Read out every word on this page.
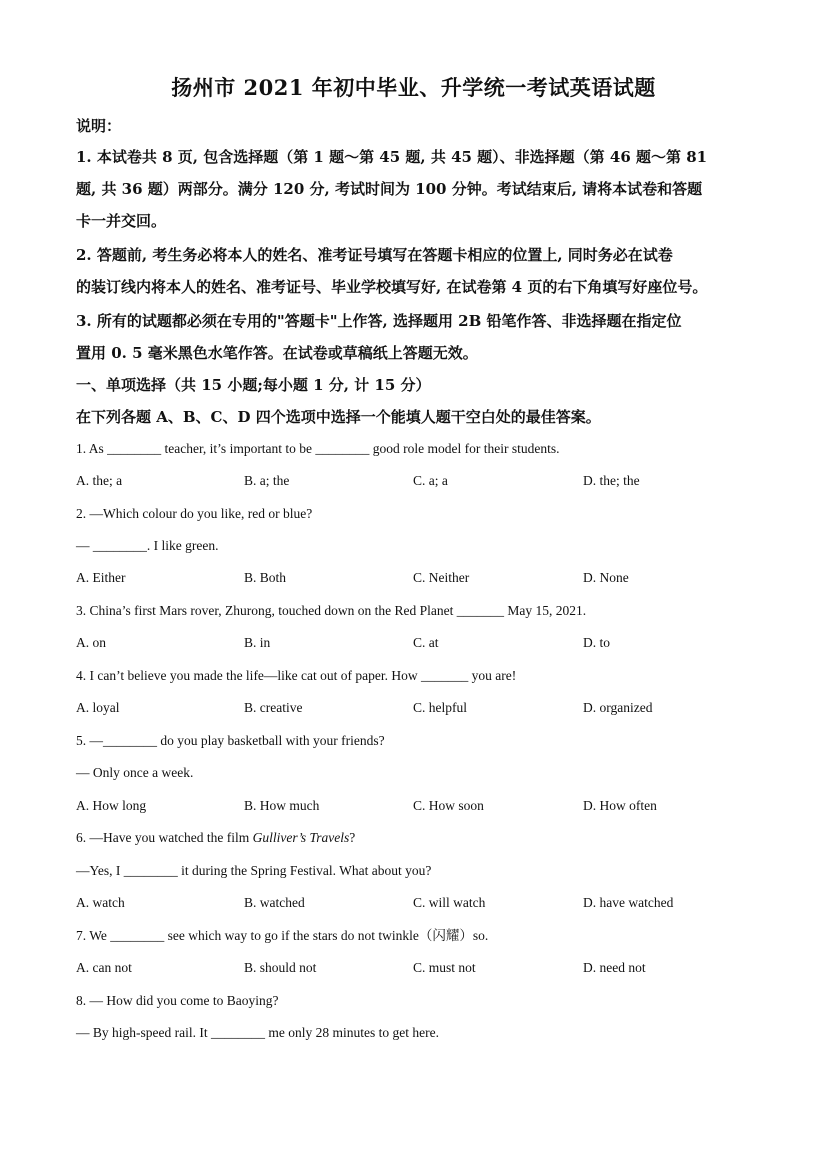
扬州市 2021 年初中毕业、升学统一考试英语试题
说明：
1. 本试卷共 8 页, 包含选择题（第 1 题～第 45 题, 共 45 题）、非选择题（第 46 题～第 81
题, 共 36 题）两部分。满分 120 分, 考试时间为 100 分钟。考试结束后, 请将本试卷和答题
卡一并交回。
2. 答题前, 考生务必将本人的姓名、准考证号填写在答题卡相应的位置上, 同时务必在试卷
的装订线内将本人的姓名、准考证号、毕业学校填写好, 在试卷第 4 页的右下角填写好座位号。
3. 所有的试题都必须在专用的"答题卡"上作答, 选择题用 2B 铅笔作答、非选择题在指定位
置用 0. 5 毫米黑色水笔作答。在试卷或草稿纸上答题无效。
一、单项选择（共 15 小题;每小题 1 分, 计 15 分）
在下列各题 A、B、C、D 四个选项中选择一个能填人题干空白处的最佳答案。
1. As ________ teacher, it’s important to be ________ good role model for their students.
A. the; a	B. a; the	C. a; a	D. the; the
2. —Which colour do you like, red or blue?
— ________. I like green.
A. Either	B. Both	C. Neither	D. None
3. China’s first Mars rover, Zhurong, touched down on the Red Planet _______ May 15, 2021.
A. on	B. in	C. at	D. to
4. I can’t believe you made the life—like cat out of paper. How _______ you are!
A. loyal	B. creative	C. helpful	D. organized
5. —________ do you play basketball with your friends?
— Only once a week.
A. How long	B. How much	C. How soon	D. How often
6. —Have you watched the film Gulliver’s Travels?
—Yes, I ________ it during the Spring Festival. What about you?
A. watch	B. watched	C. will watch	D. have watched
7. We ________ see which way to go if the stars do not twinkle（闪耀）so.
A. can not	B. should not	C. must not	D. need not
8. — How did you come to Baoying?
— By high-speed rail. It ________ me only 28 minutes to get here.
